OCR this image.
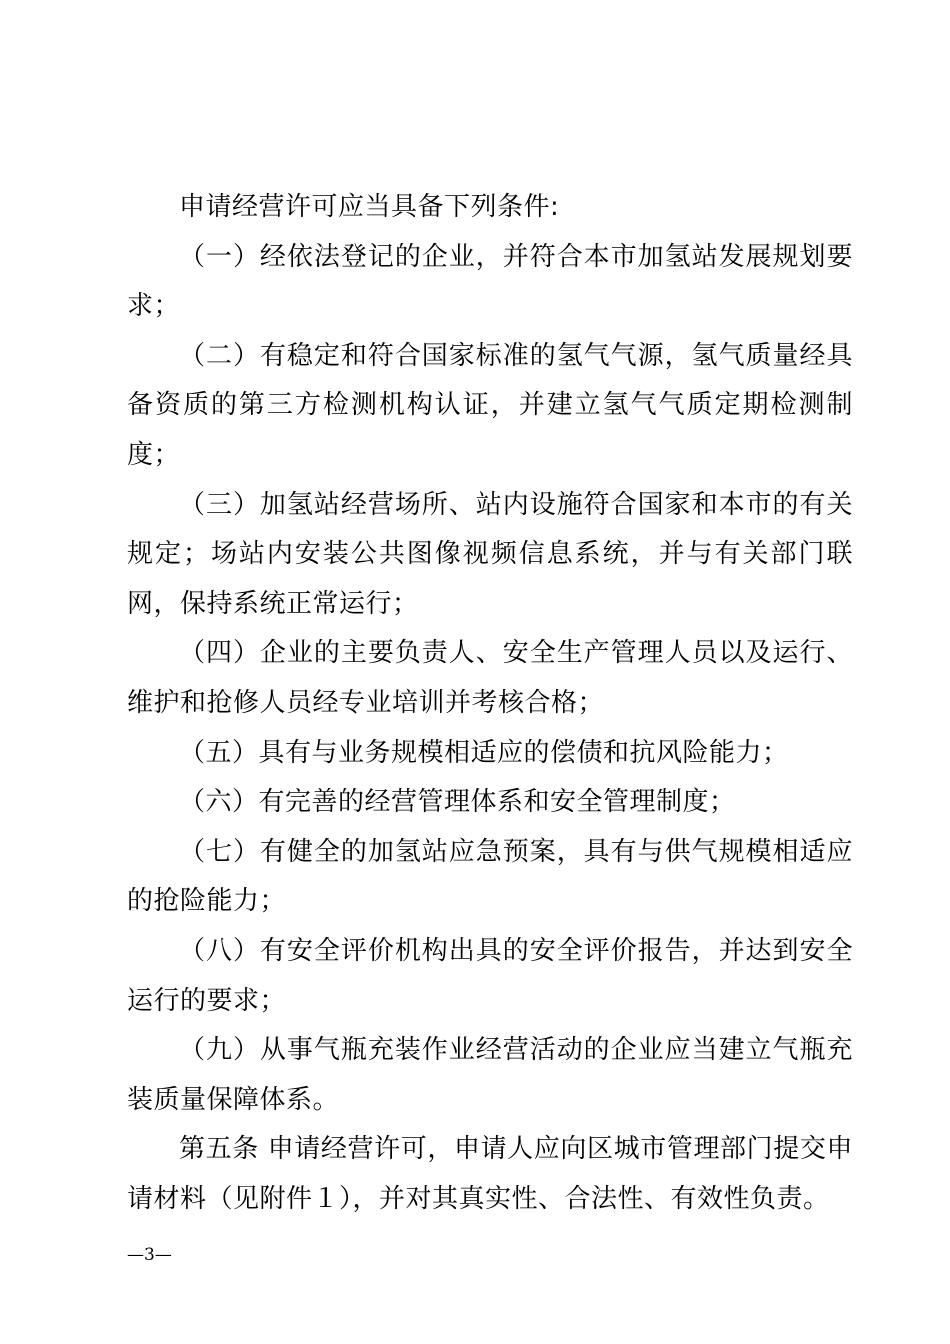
申请经营许可应当具备下列条件:

（一）经依法登记的企业，并符合本市加氢站发展规划要求；

（二）有稳定和符合国家标准的氢气气源，氢气质量经具备资质的第三方检测机构认证，并建立氢气气质定期检测制度；

（三）加氢站经营场所、站内设施符合国家和本市的有关规定；场站内安装公共图像视频信息系统，并与有关部门联网，保持系统正常运行；

（四）企业的主要负责人、安全生产管理人员以及运行、维护和抢修人员经专业培训并考核合格；

（五）具有与业务规模相适应的偿债和抗风险能力；

（六）有完善的经营管理体系和安全管理制度；

（七）有健全的加氢站应急预案，具有与供气规模相适应的抢险能力；

（八）有安全评价机构出具的安全评价报告，并达到安全运行的要求；

（九）从事气瓶充装作业经营活动的企业应当建立气瓶充装质量保障体系。

第五条 申请经营许可，申请人应向区城市管理部门提交申请材料（见附件１），并对其真实性、合法性、有效性负责。

—3—
